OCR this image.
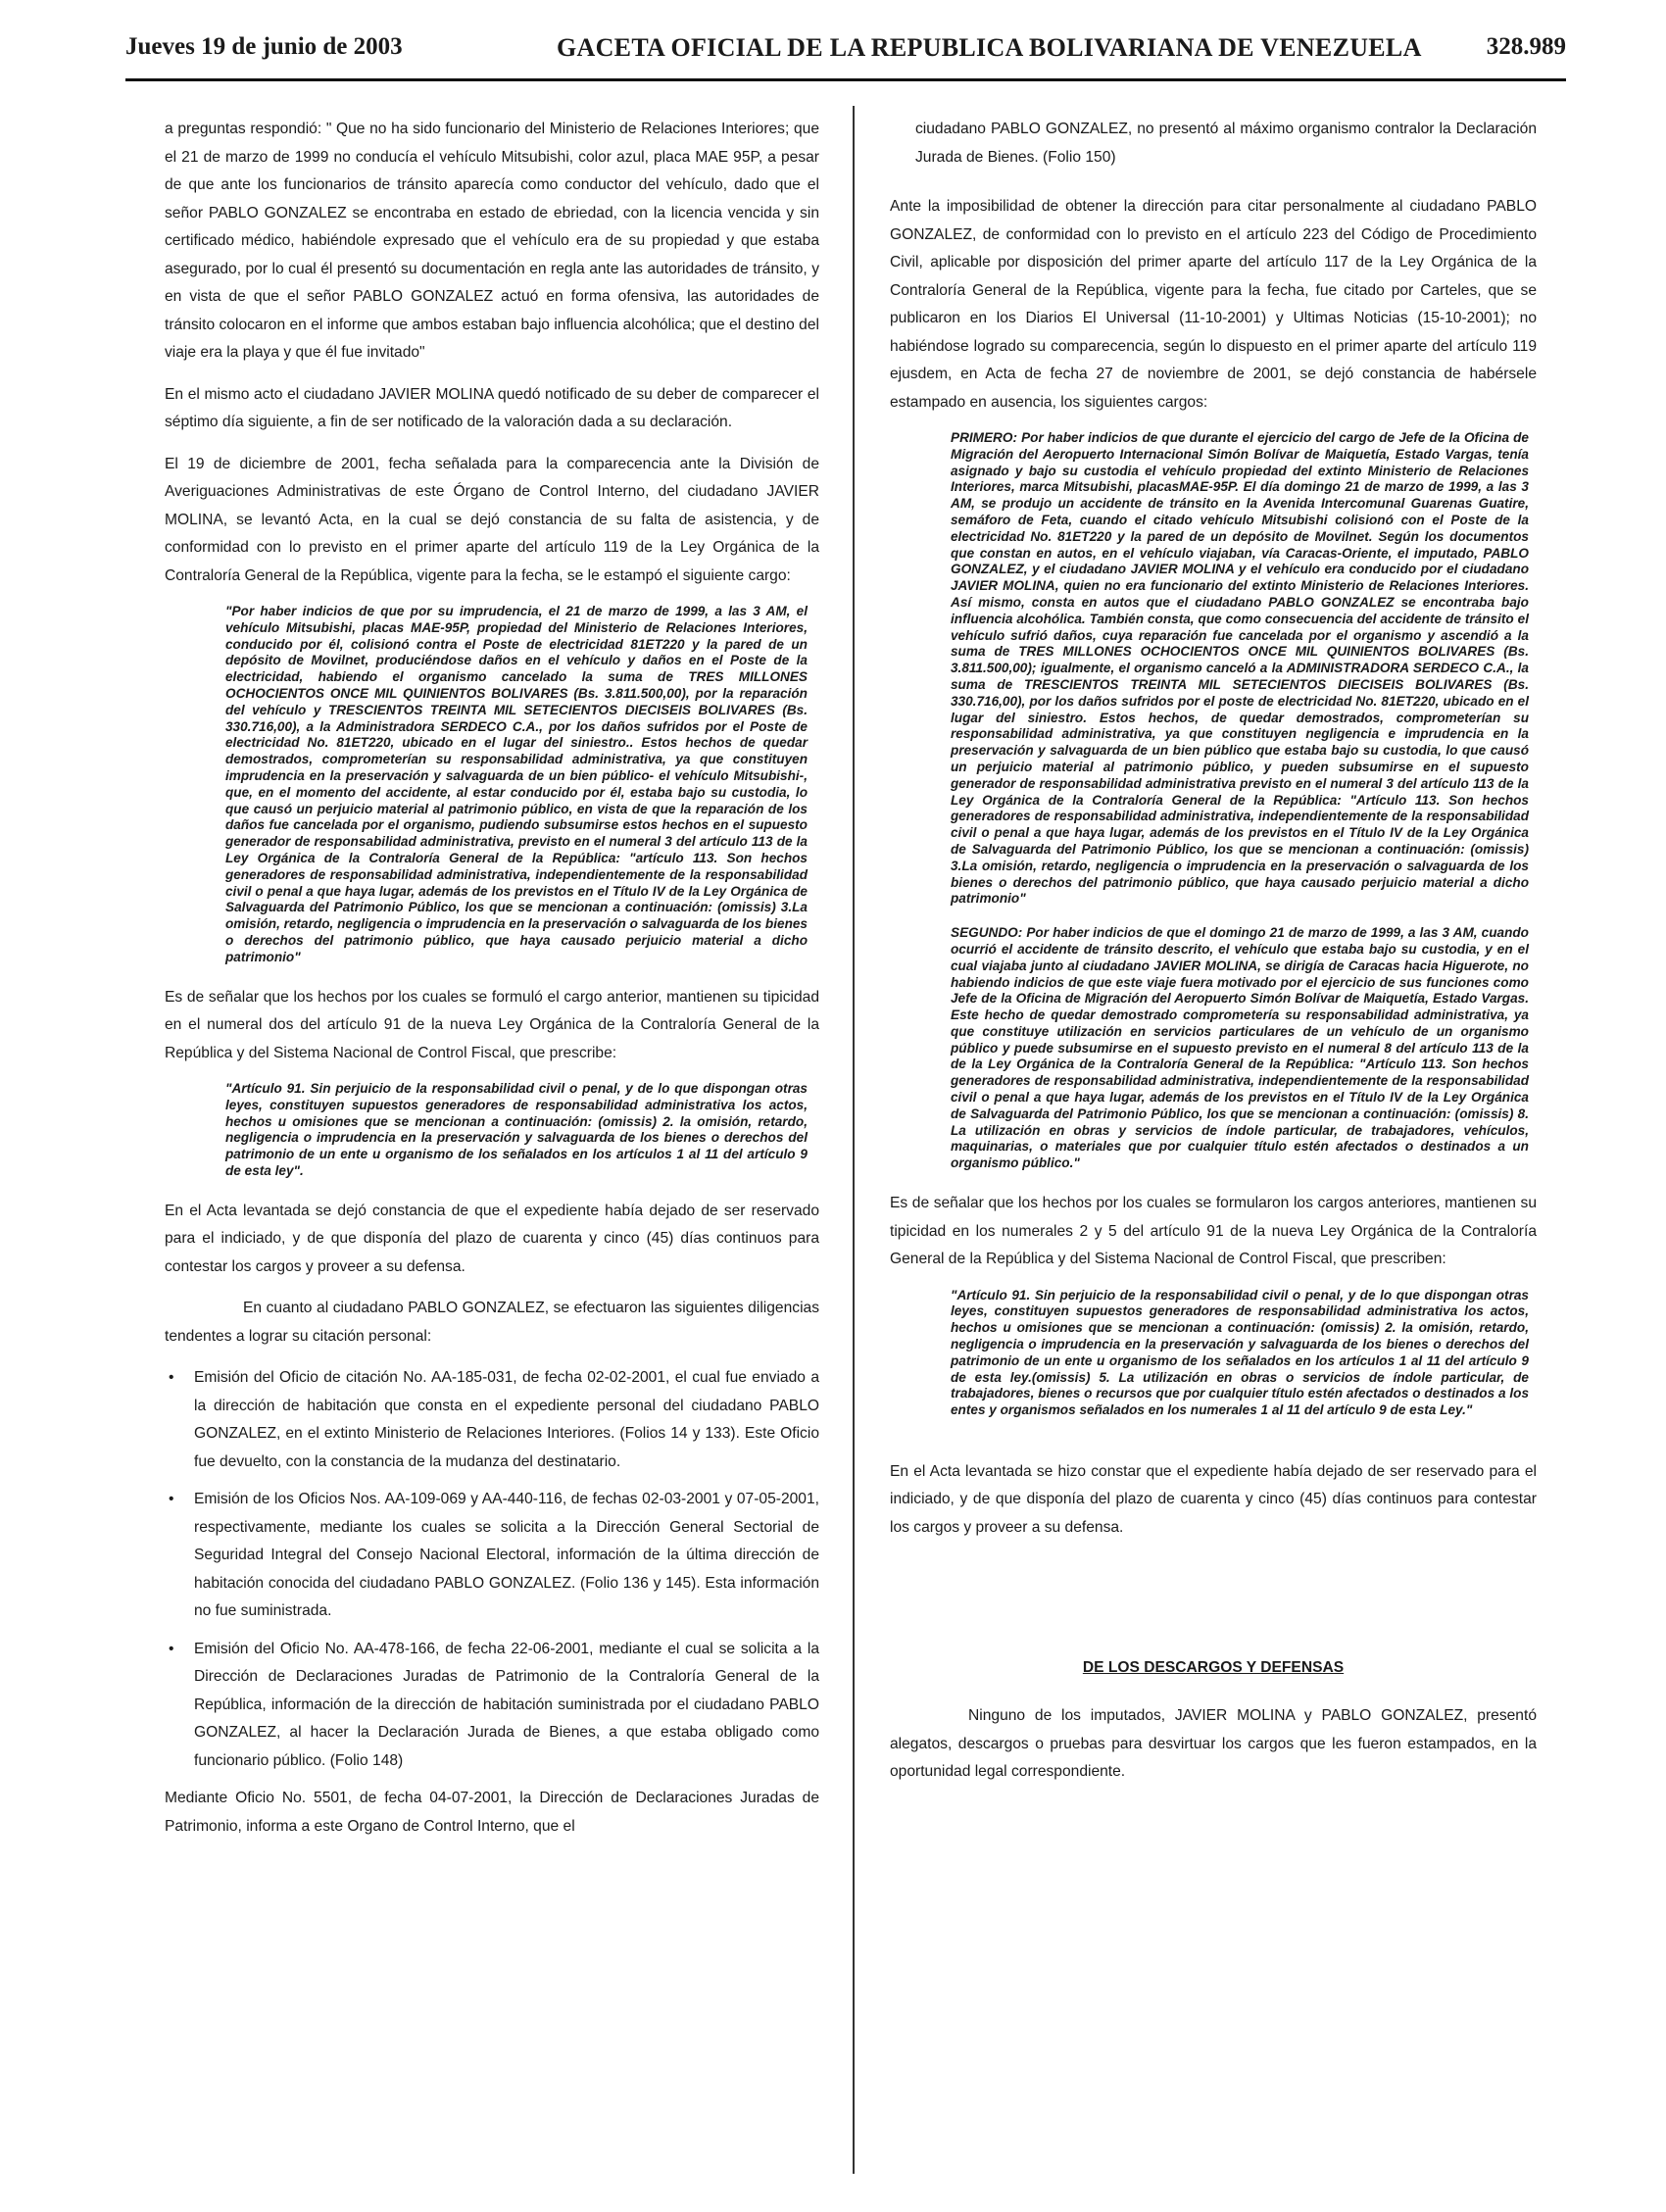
Jueves 19 de junio de 2003	GACETA OFICIAL DE LA REPUBLICA BOLIVARIANA DE VENEZUELA	328.989

a preguntas respondió: " Que no ha sido funcionario del Ministerio de Relaciones Interiores; que el 21 de marzo de 1999 no conducía el vehículo Mitsubishi, color azul, placa MAE 95P, a pesar de que ante los funcionarios de tránsito aparecía como conductor del vehículo, dado que el señor PABLO GONZALEZ se encontraba en estado de ebriedad, con la licencia vencida y sin certificado médico, habiéndole expresado que el vehículo era de su propiedad y que estaba asegurado, por lo cual él presentó su documentación en regla ante las autoridades de tránsito, y en vista de que el señor PABLO GONZALEZ actuó en forma ofensiva, las autoridades de tránsito colocaron en el informe que ambos estaban bajo influencia alcohólica; que el destino del viaje era la playa y que él fue invitado"

En el mismo acto el ciudadano JAVIER MOLINA quedó notificado de su deber de comparecer el séptimo día siguiente, a fin de ser notificado de la valoración dada a su declaración.

El 19 de diciembre de 2001, fecha señalada para la comparecencia ante la División de Averiguaciones Administrativas de este Órgano de Control Interno, del ciudadano JAVIER MOLINA, se levantó Acta, en la cual se dejó constancia de su falta de asistencia, y de conformidad con lo previsto en el primer aparte del artículo 119 de la Ley Orgánica de la Contraloría General de la República, vigente para la fecha, se le estampó el siguiente cargo:

"Por haber indicios de que por su imprudencia, el 21 de marzo de 1999, a las 3 AM, el vehículo Mitsubishi, placas MAE-95P, propiedad del Ministerio de Relaciones Interiores, conducido por él, colisionó contra el Poste de electricidad 81ET220 y la pared de un depósito de Movilnet, produciéndose daños en el vehículo y daños en el Poste de la electricidad, habiendo el organismo cancelado la suma de TRES MILLONES OCHOCIENTOS ONCE MIL QUINIENTOS BOLIVARES (Bs. 3.811.500,00), por la reparación del vehículo y TRESCIENTOS TREINTA MIL SETECIENTOS DIECISEIS BOLIVARES (Bs. 330.716,00), a la Administradora SERDECO C.A., por los daños sufridos por el Poste de electricidad No. 81ET220, ubicado en el lugar del siniestro.. Estos hechos de quedar demostrados, comprometerían su responsabilidad administrativa, ya que constituyen imprudencia en la preservación y salvaguarda de un bien público- el vehículo Mitsubishi-, que, en el momento del accidente, al estar conducido por él, estaba bajo su custodia, lo que causó un perjuicio material al patrimonio público, en vista de que la reparación de los daños fue cancelada por el organismo, pudiendo subsumirse estos hechos en el supuesto generador de responsabilidad administrativa, previsto en el numeral 3 del artículo 113 de la Ley Orgánica de la Contraloría General de la República: "artículo 113. Son hechos generadores de responsabilidad administrativa, independientemente de la responsabilidad civil o penal a que haya lugar, además de los previstos en el Título IV de la Ley Orgánica de Salvaguarda del Patrimonio Público, los que se mencionan a continuación: (omissis) 3.La omisión, retardo, negligencia o imprudencia en la preservación o salvaguarda de los bienes o derechos del patrimonio público, que haya causado perjuicio material a dicho patrimonio"

Es de señalar que los hechos por los cuales se formuló el cargo anterior, mantienen su tipicidad en el numeral dos del artículo 91 de la nueva Ley Orgánica de la Contraloría General de la República y del Sistema Nacional de Control Fiscal, que prescribe:

"Artículo 91. Sin perjuicio de la responsabilidad civil o penal, y de lo que dispongan otras leyes, constituyen supuestos generadores de responsabilidad administrativa los actos, hechos u omisiones que se mencionan a continuación: (omissis) 2. la omisión, retardo, negligencia o imprudencia en la preservación y salvaguarda de los bienes o derechos del patrimonio de un ente u organismo de los señalados en los artículos 1 al 11 del artículo 9 de esta ley".

En el Acta levantada se dejó constancia de que el expediente había dejado de ser reservado para el indiciado, y de que disponía del plazo de cuarenta y cinco (45) días continuos para contestar los cargos y proveer a su defensa.

En cuanto al ciudadano PABLO GONZALEZ, se efectuaron las siguientes diligencias tendentes a lograr su citación personal:

• Emisión del Oficio de citación No. AA-185-031, de fecha 02-02-2001, el cual fue enviado a la dirección de habitación que consta en el expediente personal del ciudadano PABLO GONZALEZ, en el extinto Ministerio de Relaciones Interiores. (Folios 14 y 133). Este Oficio fue devuelto, con la constancia de la mudanza del destinatario.

• Emisión de los Oficios Nos. AA-109-069 y AA-440-116, de fechas 02-03-2001 y 07-05-2001, respectivamente, mediante los cuales se solicita a la Dirección General Sectorial de Seguridad Integral del Consejo Nacional Electoral, información de la última dirección de habitación conocida del ciudadano PABLO GONZALEZ. (Folio 136 y 145). Esta información no fue suministrada.

• Emisión del Oficio No. AA-478-166, de fecha 22-06-2001, mediante el cual se solicita a la Dirección de Declaraciones Juradas de Patrimonio de la Contraloría General de la República, información de la dirección de habitación suministrada por el ciudadano PABLO GONZALEZ, al hacer la Declaración Jurada de Bienes, a que estaba obligado como funcionario público. (Folio 148)

Mediante Oficio No. 5501, de fecha 04-07-2001, la Dirección de Declaraciones Juradas de Patrimonio, informa a este Organo de Control Interno, que el

ciudadano PABLO GONZALEZ, no presentó al máximo organismo contralor la Declaración Jurada de Bienes. (Folio 150)

Ante la imposibilidad de obtener la dirección para citar personalmente al ciudadano PABLO GONZALEZ, de conformidad con lo previsto en el artículo 223 del Código de Procedimiento Civil, aplicable por disposición del primer aparte del artículo 117 de la Ley Orgánica de la Contraloría General de la República, vigente para la fecha, fue citado por Carteles, que se publicaron en los Diarios El Universal (11-10-2001) y Ultimas Noticias (15-10-2001); no habiéndose logrado su comparecencia, según lo dispuesto en el primer aparte del artículo 119 ejusdem, en Acta de fecha 27 de noviembre de 2001, se dejó constancia de habérsele estampado en ausencia, los siguientes cargos:

PRIMERO: Por haber indicios de que durante el ejercicio del cargo de Jefe de la Oficina de Migración del Aeropuerto Internacional Simón Bolívar de Maiquetía, Estado Vargas, tenía asignado y bajo su custodia el vehículo propiedad del extinto Ministerio de Relaciones Interiores, marca Mitsubishi, placasMAE-95P. El día domingo 21 de marzo de 1999, a las 3 AM, se produjo un accidente de tránsito en la Avenida Intercomunal Guarenas Guatire, semáforo de Feta, cuando el citado vehículo Mitsubishi colisionó con el Poste de la electricidad No. 81ET220 y la pared de un depósito de Movilnet. Según los documentos que constan en autos, en el vehículo viajaban, vía Caracas-Oriente, el imputado, PABLO GONZALEZ, y el ciudadano JAVIER MOLINA y el vehículo era conducido por el ciudadano JAVIER MOLINA, quien no era funcionario del extinto Ministerio de Relaciones Interiores. Así mismo, consta en autos que el ciudadano PABLO GONZALEZ se encontraba bajo influencia alcohólica. También consta, que como consecuencia del accidente de tránsito el vehículo sufrió daños, cuya reparación fue cancelada por el organismo y ascendió a la suma de TRES MILLONES OCHOCIENTOS ONCE MIL QUINIENTOS BOLIVARES (Bs. 3.811.500,00); igualmente, el organismo canceló a la ADMINISTRADORA SERDECO C.A., la suma de TRESCIENTOS TREINTA MIL SETECIENTOS DIECISEIS BOLIVARES (Bs. 330.716,00), por los daños sufridos por el poste de electricidad No. 81ET220, ubicado en el lugar del siniestro. Estos hechos, de quedar demostrados, comprometerían su responsabilidad administrativa, ya que constituyen negligencia e imprudencia en la preservación y salvaguarda de un bien público que estaba bajo su custodia, lo que causó un perjuicio material al patrimonio público, y pueden subsumirse en el supuesto generador de responsabilidad administrativa previsto en el numeral 3 del artículo 113 de la Ley Orgánica de la Contraloría General de la República: "Artículo 113. Son hechos generadores de responsabilidad administrativa, independientemente de la responsabilidad civil o penal a que haya lugar, además de los previstos en el Título IV de la Ley Orgánica de Salvaguarda del Patrimonio Público, los que se mencionan a continuación: (omissis) 3.La omisión, retardo, negligencia o imprudencia en la preservación o salvaguarda de los bienes o derechos del patrimonio público, que haya causado perjuicio material a dicho patrimonio"
SEGUNDO: Por haber indicios de que el domingo 21 de marzo de 1999, a las 3 AM, cuando ocurrió el accidente de tránsito descrito, el vehículo que estaba bajo su custodia, y en el cual viajaba junto al ciudadano JAVIER MOLINA, se dirigía de Caracas hacia Higuerote, no habiendo indicios de que este viaje fuera motivado por el ejercicio de sus funciones como Jefe de la Oficina de Migración del Aeropuerto Simón Bolívar de Maiquetía, Estado Vargas. Este hecho de quedar demostrado comprometería su responsabilidad administrativa, ya que constituye utilización en servicios particulares de un vehículo de un organismo público y puede subsumirse en el supuesto previsto en el numeral 8 del artículo 113 de la de la Ley Orgánica de la Contraloría General de la República: "Artículo 113. Son hechos generadores de responsabilidad administrativa, independientemente de la responsabilidad civil o penal a que haya lugar, además de los previstos en el Título IV de la Ley Orgánica de Salvaguarda del Patrimonio Público, los que se mencionan a continuación: (omissis) 8. La utilización en obras y servicios de índole particular, de trabajadores, vehículos, maquinarias, o materiales que por cualquier título estén afectados o destinados a un organismo público."

Es de señalar que los hechos por los cuales se formularon los cargos anteriores, mantienen su tipicidad en los numerales 2 y 5 del artículo 91 de la nueva Ley Orgánica de la Contraloría General de la República y del Sistema Nacional de Control Fiscal, que prescriben:

"Artículo 91. Sin perjuicio de la responsabilidad civil o penal, y de lo que dispongan otras leyes, constituyen supuestos generadores de responsabilidad administrativa los actos, hechos u omisiones que se mencionan a continuación: (omissis) 2. la omisión, retardo, negligencia o imprudencia en la preservación y salvaguarda de los bienes o derechos del patrimonio de un ente u organismo de los señalados en los artículos 1 al 11 del artículo 9 de esta ley.(omissis) 5. La utilización en obras o servicios de índole particular, de trabajadores, bienes o recursos que por cualquier título estén afectados o destinados a los entes y organismos señalados en los numerales 1 al 11 del artículo 9 de esta Ley."

En el Acta levantada se hizo constar que el expediente había dejado de ser reservado para el indiciado, y de que disponía del plazo de cuarenta y cinco (45) días continuos para contestar los cargos y proveer a su defensa.

DE LOS DESCARGOS Y DEFENSAS

Ninguno de los imputados, JAVIER MOLINA y PABLO GONZALEZ, presentó alegatos, descargos o pruebas para desvirtuar los cargos que les fueron estampados, en la oportunidad legal correspondiente.
